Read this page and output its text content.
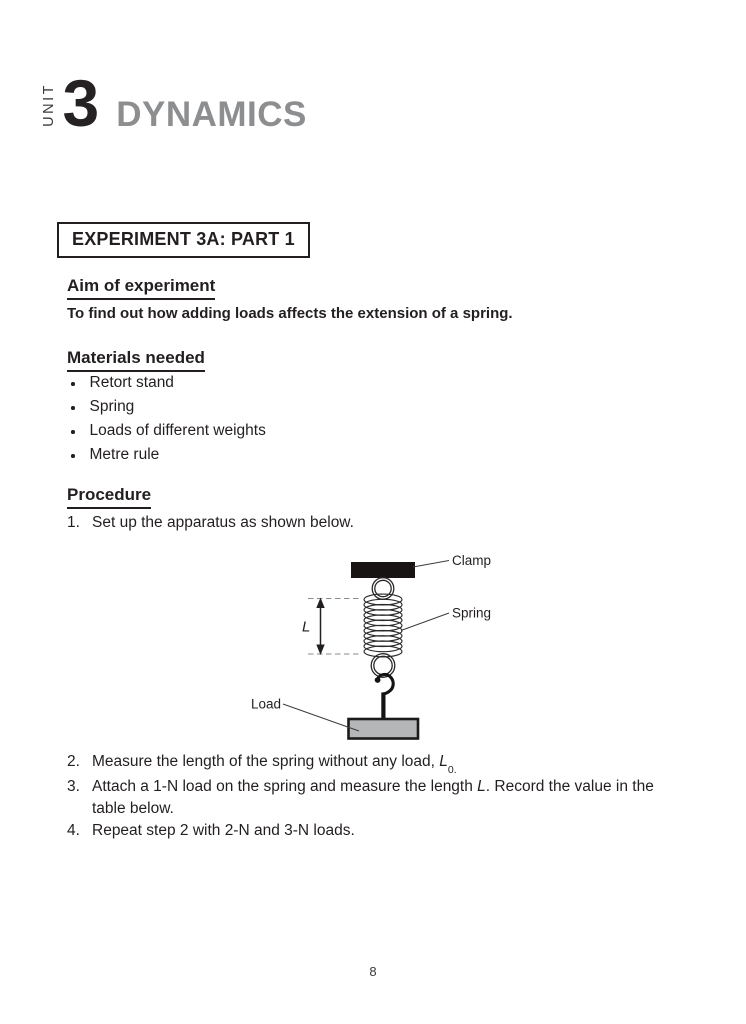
UNIT 3 DYNAMICS
EXPERIMENT 3A: PART 1
Aim of experiment
To find out how adding loads affects the extension of a spring.
Materials needed
Retort stand
Spring
Loads of different weights
Metre rule
Procedure
1. Set up the apparatus as shown below.
L
Clamp
Spring
Load
2. Measure the length of the spring without any load, $L_{0.}$
3. Attach a 1-N load on the spring and measure the length L. Record the value in the table below.
4. Repeat step 2 with 2-N and 3-N loads.
8
